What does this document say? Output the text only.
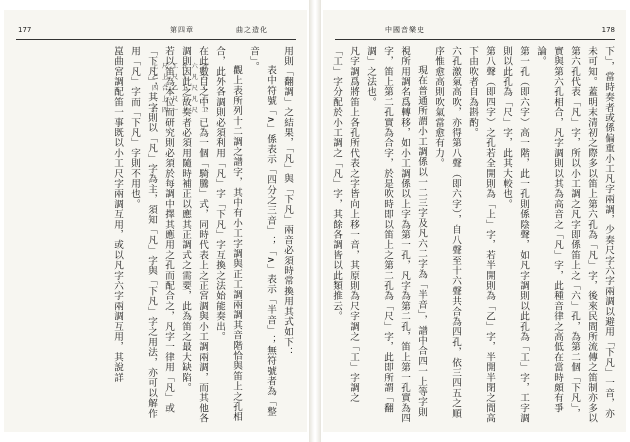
177	第四章	曲之造化
上 尺 工 凡 六 五
乙 上 尺 工 凡 六
四 合 乙 上 尺 工
一 上 尺 工 凡 六
合 四 一 上 尺 工	用則「翻調」之結果，「凡」與「下凡」兩音必須時常換用其式如下：

表中符號「∧」係表示「四分之三音」；「∧」表示「半音」；無符號者為「整音」。

觀上表所列十二調之譜字，其中有小工字調與正工調兩調其音階恰與笛上之孔相合，此外各調則必須利用「凡」字「下凡」字互換之法始能奏出。

在此數目之中，已為一個「騎騰」式，同時代表上之正宮調與小工調兩調，而其他各調則因此之故奏者必須用隨時補正以應其正調式之需要，此為笛之最大缺陷。

若以笛為本位而研究則必須於每調中擇其應用之孔而配合之，凡字一律用「凡」或「下凡」，其字則以「凡」字為主，須知「凡」字與「下凡」字之用法，亦可以解作用「凡」字而「下凡」字則不用也。

崑曲宮調配笛一事既以小工尺字兩調互用，或以凡字六字兩調互用，其說詳

中國音樂史	178

下」，當時奏者或係偏重小工凡字兩調，少奏尺字六字兩調以避用「下凡」一音，亦未可知。蓋明末清初之際多以笛上第六孔為「凡」字，後來民間所流傳之笛制亦多以第六孔代表「凡」字，所以小工調之凡字即係笛上之「六」孔，為第二個「下凡」，實與第六孔相合，凡字調則以其為高音之「凡」字，此種音律之高低在當時頗有爭論。

第一孔（即六字）高一階，此一孔則係陰聲，如凡字調則以此孔為「工」字，工字調則以此孔為「尺」字，此其大較也。

第八聲（即四字）之孔若全開則為「上」字，若半開則為「乙」字，半開半閉之間高下由吹者自為斟酌。

六孔激氣高吹，亦得第八聲（即六字），自八聲至十六聲共合為四孔，依三四五之順序惟愈高則吹氣當愈有力。

現在普通所謂小工調係以一二三字及凡六二字為「半音」，譜中合四一上等字則視所用調名爲轉移，如小工調係以上字為第一孔，凡字為第二孔，笛上第一孔實為四字，笛上第二孔實為合字，於是吹時即以笛上之第二孔為「尺」字，此即所謂「翻調」之法也。

凡字調爲將笛上各孔所代表之字皆向上移一音，其原則為尺字調之「工」字調之「工」字分配於小工調之「凡」字，其餘各調皆以此類推云。
